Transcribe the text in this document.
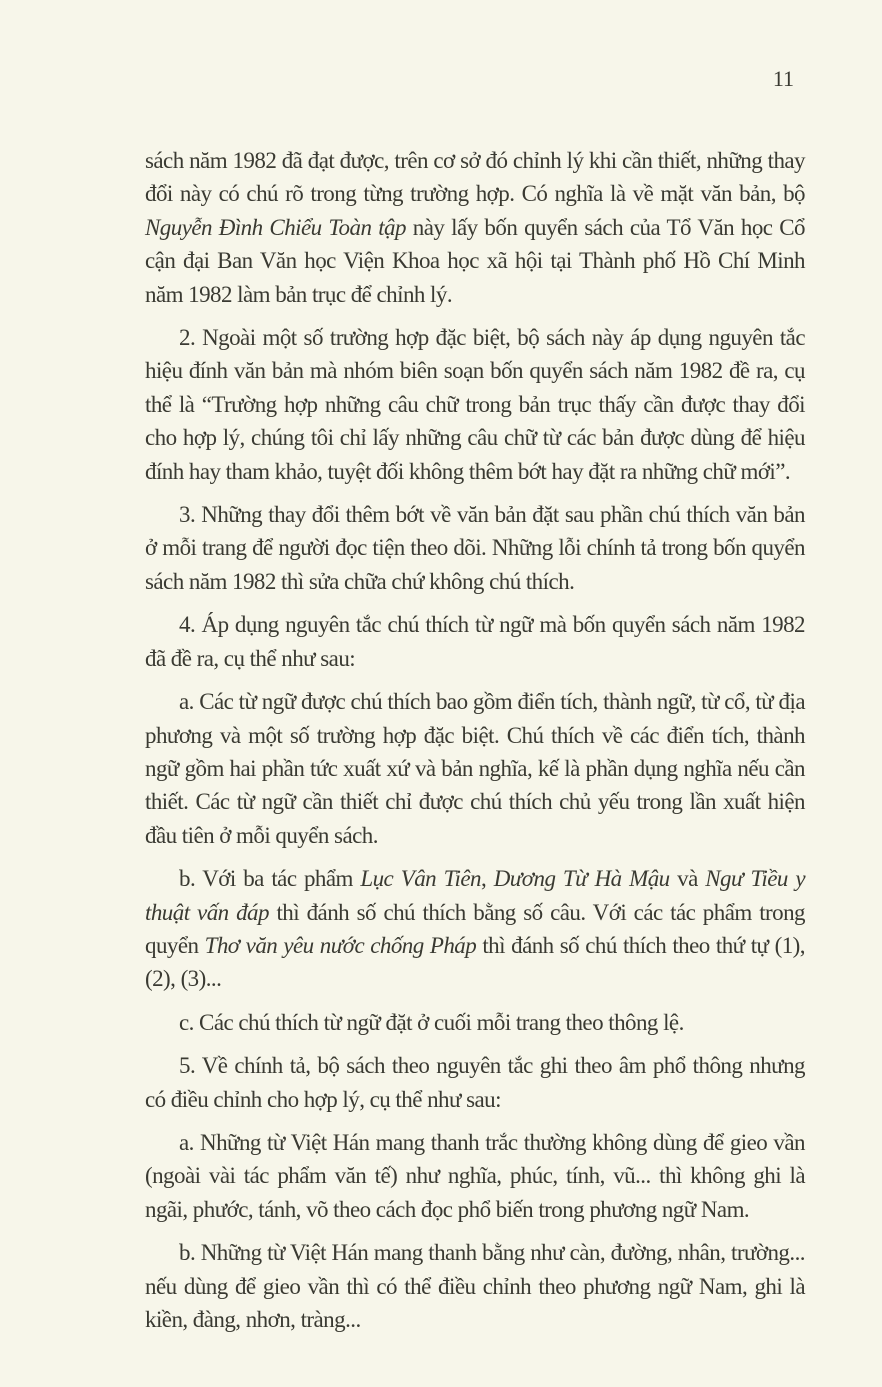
11

sách năm 1982 đã đạt được, trên cơ sở đó chỉnh lý khi cần thiết, những thay đổi này có chú rõ trong từng trường hợp. Có nghĩa là về mặt văn bản, bộ Nguyễn Đình Chiểu Toàn tập này lấy bốn quyển sách của Tổ Văn học Cổ cận đại Ban Văn học Viện Khoa học xã hội tại Thành phố Hồ Chí Minh năm 1982 làm bản trục để chỉnh lý.

2. Ngoài một số trường hợp đặc biệt, bộ sách này áp dụng nguyên tắc hiệu đính văn bản mà nhóm biên soạn bốn quyển sách năm 1982 đề ra, cụ thể là “Trường hợp những câu chữ trong bản trục thấy cần được thay đổi cho hợp lý, chúng tôi chỉ lấy những câu chữ từ các bản được dùng để hiệu đính hay tham khảo, tuyệt đối không thêm bớt hay đặt ra những chữ mới”.

3. Những thay đổi thêm bớt về văn bản đặt sau phần chú thích văn bản ở mỗi trang để người đọc tiện theo dõi. Những lỗi chính tả trong bốn quyển sách năm 1982 thì sửa chữa chứ không chú thích.

4. Áp dụng nguyên tắc chú thích từ ngữ mà bốn quyển sách năm 1982 đã đề ra, cụ thể như sau:

a. Các từ ngữ được chú thích bao gồm điển tích, thành ngữ, từ cổ, từ địa phương và một số trường hợp đặc biệt. Chú thích về các điển tích, thành ngữ gồm hai phần tức xuất xứ và bản nghĩa, kế là phần dụng nghĩa nếu cần thiết. Các từ ngữ cần thiết chỉ được chú thích chủ yếu trong lần xuất hiện đầu tiên ở mỗi quyển sách.

b. Với ba tác phẩm Lục Vân Tiên, Dương Từ Hà Mậu và Ngư Tiều y thuật vấn đáp thì đánh số chú thích bằng số câu. Với các tác phẩm trong quyển Thơ văn yêu nước chống Pháp thì đánh số chú thích theo thứ tự (1), (2), (3)...

c. Các chú thích từ ngữ đặt ở cuối mỗi trang theo thông lệ.

5. Về chính tả, bộ sách theo nguyên tắc ghi theo âm phổ thông nhưng có điều chỉnh cho hợp lý, cụ thể như sau:

a. Những từ Việt Hán mang thanh trắc thường không dùng để gieo vần (ngoài vài tác phẩm văn tế) như nghĩa, phúc, tính, vũ... thì không ghi là ngãi, phước, tánh, võ theo cách đọc phổ biến trong phương ngữ Nam.

b. Những từ Việt Hán mang thanh bằng như càn, đường, nhân, trường... nếu dùng để gieo vần thì có thể điều chỉnh theo phương ngữ Nam, ghi là kiền, đàng, nhơn, tràng...
